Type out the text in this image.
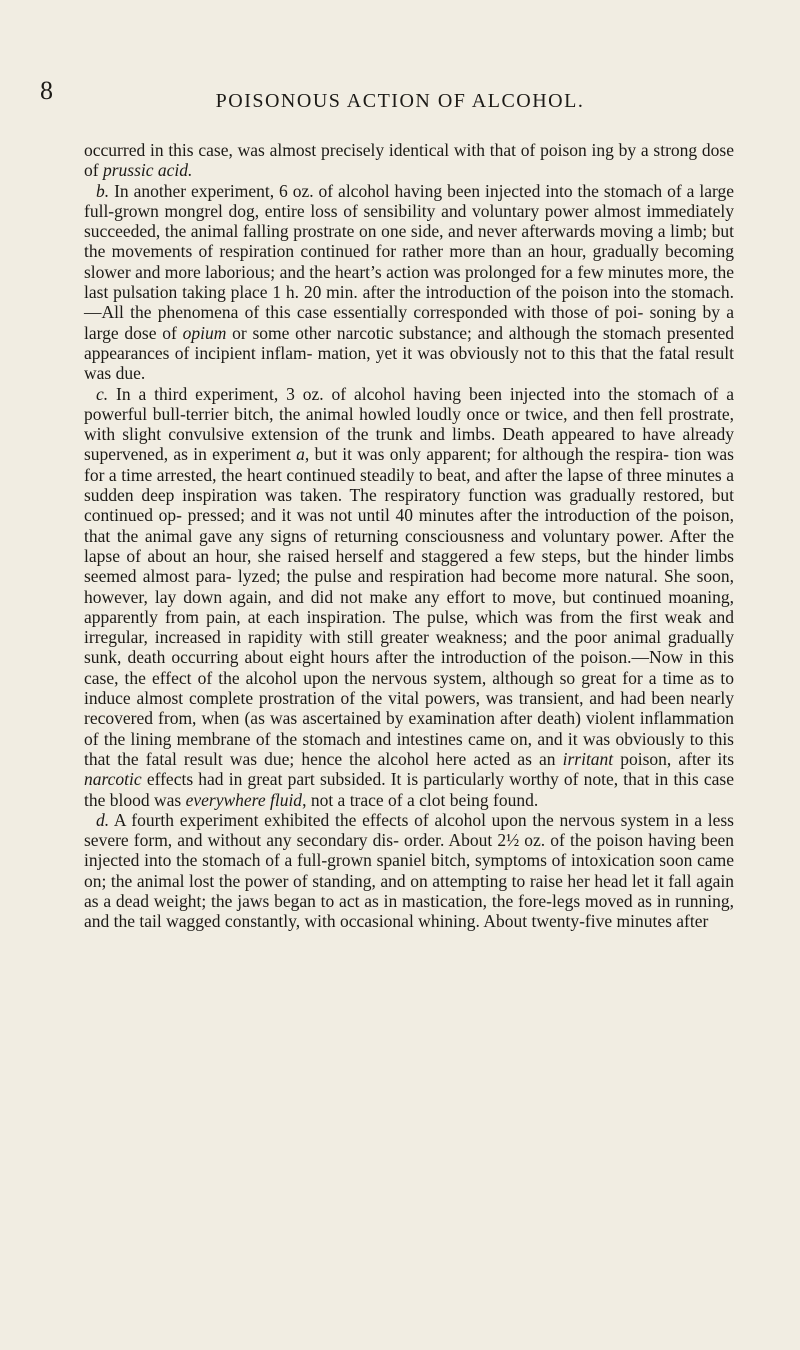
8	POISONOUS ACTION OF ALCOHOL.

occurred in this case, was almost precisely identical with that of poison ing by a strong dose of prussic acid.

b. In another experiment, 6 oz. of alcohol having been injected into the stomach of a large full-grown mongrel dog, entire loss of sensibility and voluntary power almost immediately succeeded, the animal falling prostrate on one side, and never afterwards moving a limb; but the movements of respiration continued for rather more than an hour, gradually becoming slower and more laborious; and the heart’s action was prolonged for a few minutes more, the last pulsation taking place 1 h. 20 min. after the introduction of the poison into the stomach.—All the phenomena of this case essentially corresponded with those of poi- soning by a large dose of opium or some other narcotic substance; and although the stomach presented appearances of incipient inflam- mation, yet it was obviously not to this that the fatal result was due.

c. In a third experiment, 3 oz. of alcohol having been injected into the stomach of a powerful bull-terrier bitch, the animal howled loudly once or twice, and then fell prostrate, with slight convulsive extension of the trunk and limbs. Death appeared to have already supervened, as in experiment a, but it was only apparent; for although the respira- tion was for a time arrested, the heart continued steadily to beat, and after the lapse of three minutes a sudden deep inspiration was taken. The respiratory function was gradually restored, but continued op- pressed; and it was not until 40 minutes after the introduction of the poison, that the animal gave any signs of returning consciousness and voluntary power. After the lapse of about an hour, she raised herself and staggered a few steps, but the hinder limbs seemed almost para- lyzed; the pulse and respiration had become more natural. She soon, however, lay down again, and did not make any effort to move, but continued moaning, apparently from pain, at each inspiration. The pulse, which was from the first weak and irregular, increased in rapidity with still greater weakness; and the poor animal gradually sunk, death occurring about eight hours after the introduction of the poison.—Now in this case, the effect of the alcohol upon the nervous system, although so great for a time as to induce almost complete prostration of the vital powers, was transient, and had been nearly recovered from, when (as was ascertained by examination after death) violent inflammation of the lining membrane of the stomach and intestines came on, and it was obviously to this that the fatal result was due; hence the alcohol here acted as an irritant poison, after its narcotic effects had in great part subsided. It is particularly worthy of note, that in this case the blood was everywhere fluid, not a trace of a clot being found.

d. A fourth experiment exhibited the effects of alcohol upon the nervous system in a less severe form, and without any secondary dis- order. About 2½ oz. of the poison having been injected into the stomach of a full-grown spaniel bitch, symptoms of intoxication soon came on; the animal lost the power of standing, and on attempting to raise her head let it fall again as a dead weight; the jaws began to act as in mastication, the fore-legs moved as in running, and the tail wagged constantly, with occasional whining. About twenty-five minutes after
